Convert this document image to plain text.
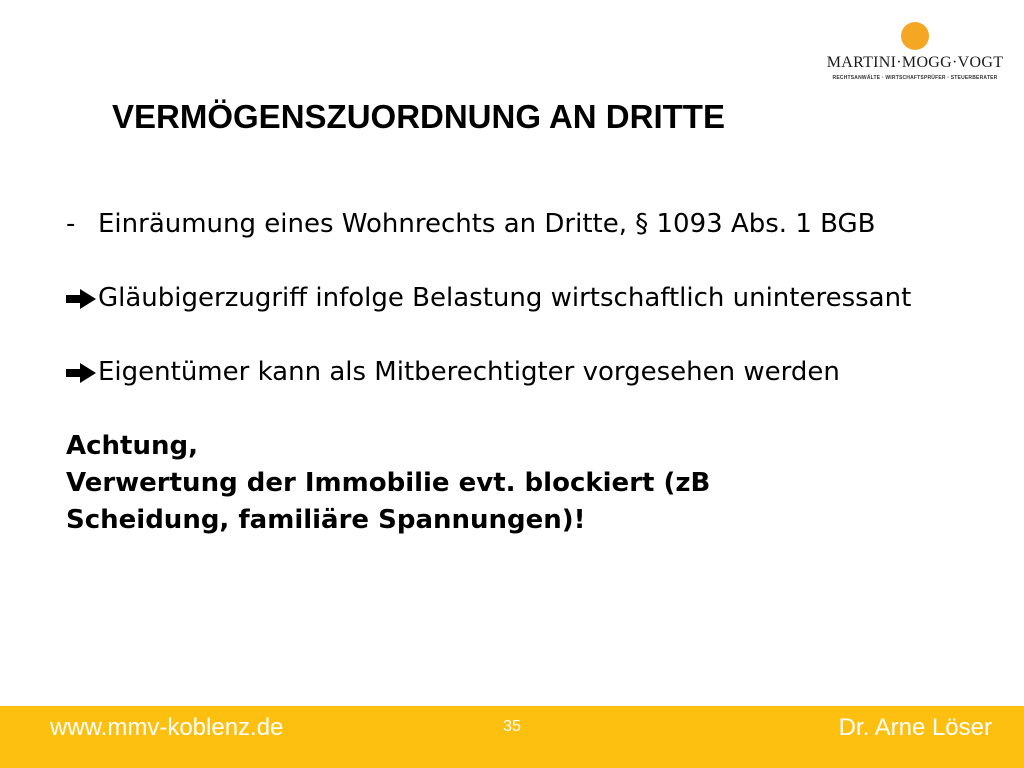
MARTINI·MOGG·VOGT
RECHTSANWÄLTE · WIRTSCHAFTSPRÜFER · STEUERBERATER
VERMÖGENSZUORDNUNG AN DRITTE
- Einräumung eines Wohnrechts an Dritte, § 1093 Abs. 1 BGB
Gläubigerzugriff infolge Belastung wirtschaftlich uninteressant
Eigentümer kann als Mitberechtigter vorgesehen werden
Achtung,
Verwertung der Immobilie evt. blockiert (zB Scheidung, familiäre Spannungen)!
www.mmv-koblenz.de	35	Dr. Arne Löser
